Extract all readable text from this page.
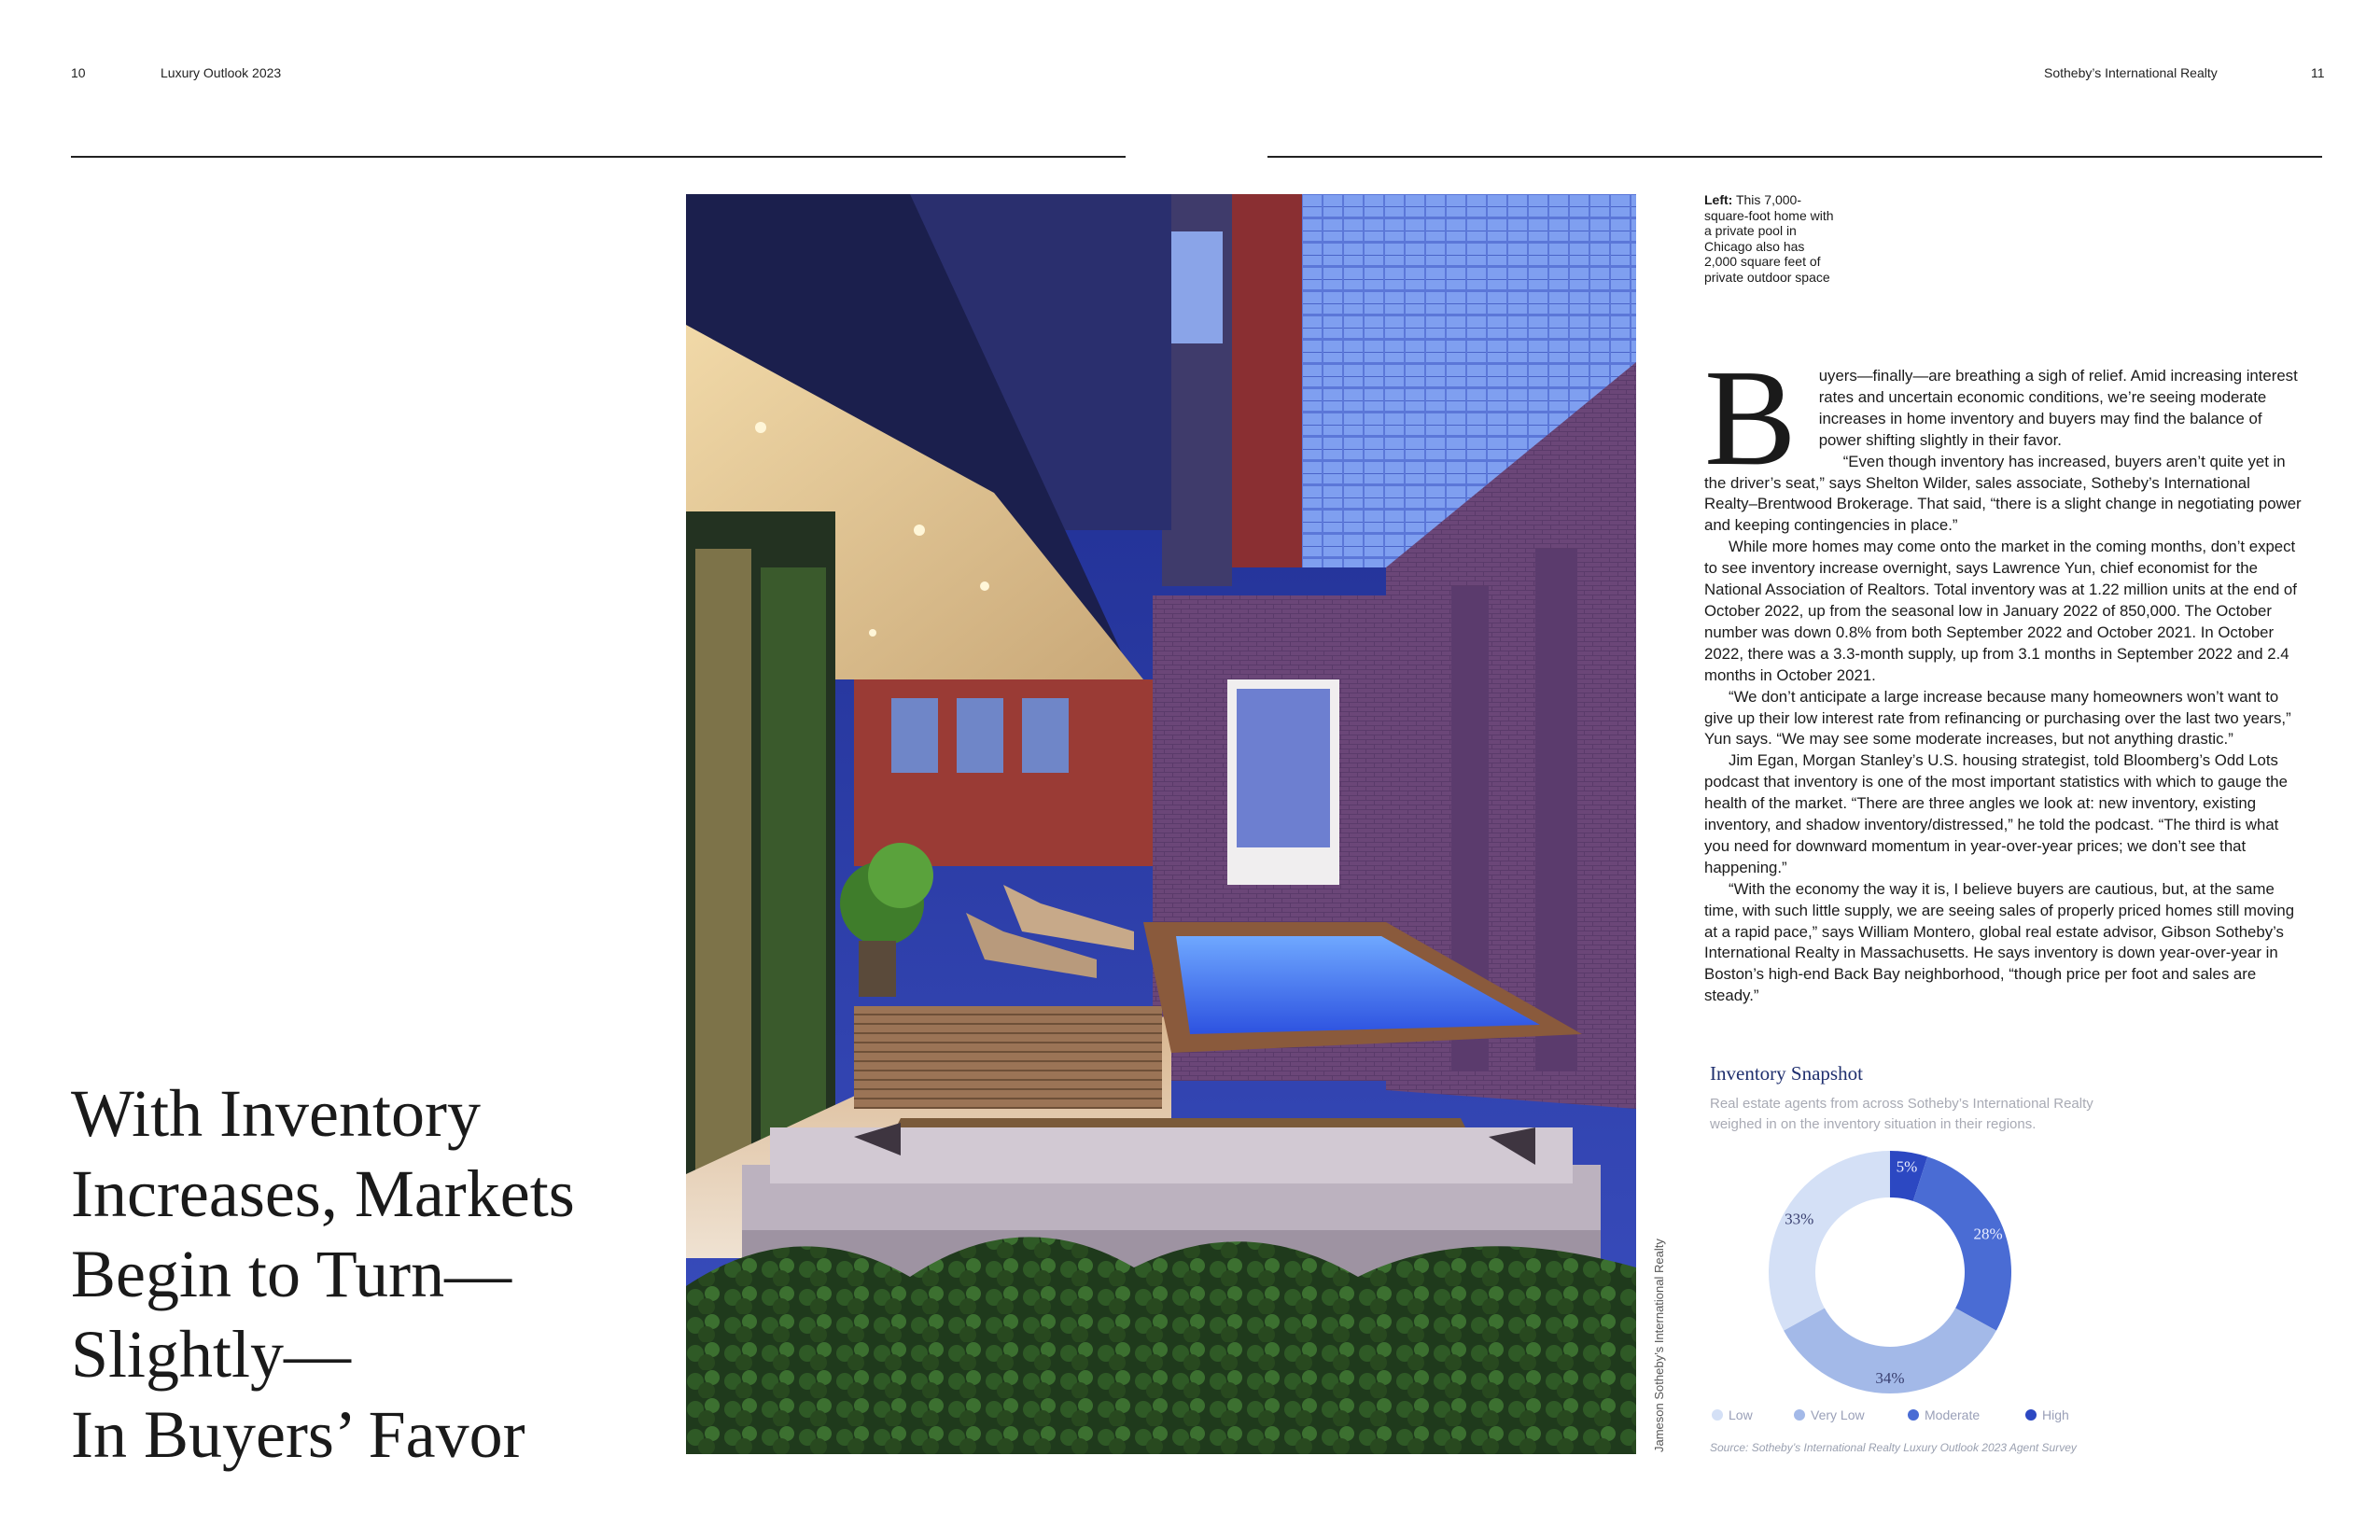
10	Luxury Outlook 2023	Sotheby’s International Realty	11
With Inventory
Increases, Markets
Begin to Turn—
Slightly—
In Buyers’ Favor	Jameson Sotheby’s International Realty
Left: This 7,000-square-foot home with a private pool in Chicago also has 2,000 square feet of private outdoor space

B uyers—finally—are breathing a sigh of relief. Amid increasing interest rates and uncertain economic conditions, we’re seeing moderate increases in home inventory and buyers may find the balance of power shifting slightly in their favor.

“Even though inventory has increased, buyers aren’t quite yet in the driver’s seat,” says Shelton Wilder, sales associate, Sotheby’s International Realty–Brentwood Brokerage. That said, “there is a slight change in negotiating power and keeping contingencies in place.”

While more homes may come onto the market in the coming months, don’t expect to see inventory increase overnight, says Lawrence Yun, chief economist for the National Association of Realtors. Total inventory was at 1.22 million units at the end of October 2022, up from the seasonal low in January 2022 of 850,000. The October number was down 0.8% from both September 2022 and October 2021. In October 2022, there was a 3.3-month supply, up from 3.1 months in September 2022 and 2.4 months in October 2021.

“We don’t anticipate a large increase because many homeowners won’t want to give up their low interest rate from refinancing or purchasing over the last two years,” Yun says. “We may see some moderate increases, but not anything drastic.”

Jim Egan, Morgan Stanley’s U.S. housing strategist, told Bloomberg’s Odd Lots podcast that inventory is one of the most important statistics with which to gauge the health of the market. “There are three angles we look at: new inventory, existing inventory, and shadow inventory/distressed,” he told the podcast. “The third is what you need for downward momentum in year-over-year prices; we don’t see that happening.”

“With the economy the way it is, I believe buyers are cautious, but, at the same time, with such little supply, we are seeing sales of properly priced homes still moving at a rapid pace,” says William Montero, global real estate advisor, Gibson Sotheby’s International Realty in Massachusetts. He says inventory is down year-over-year in Boston’s high-end Back Bay neighborhood, “though price per foot and sales are steady.”

Inventory Snapshot
Real estate agents from across Sotheby’s International Realty weighed in on the inventory situation in their regions.
5%
28%
34%
33%
Low	Very Low	Moderate	High
Source: Sotheby’s International Realty Luxury Outlook 2023 Agent Survey
